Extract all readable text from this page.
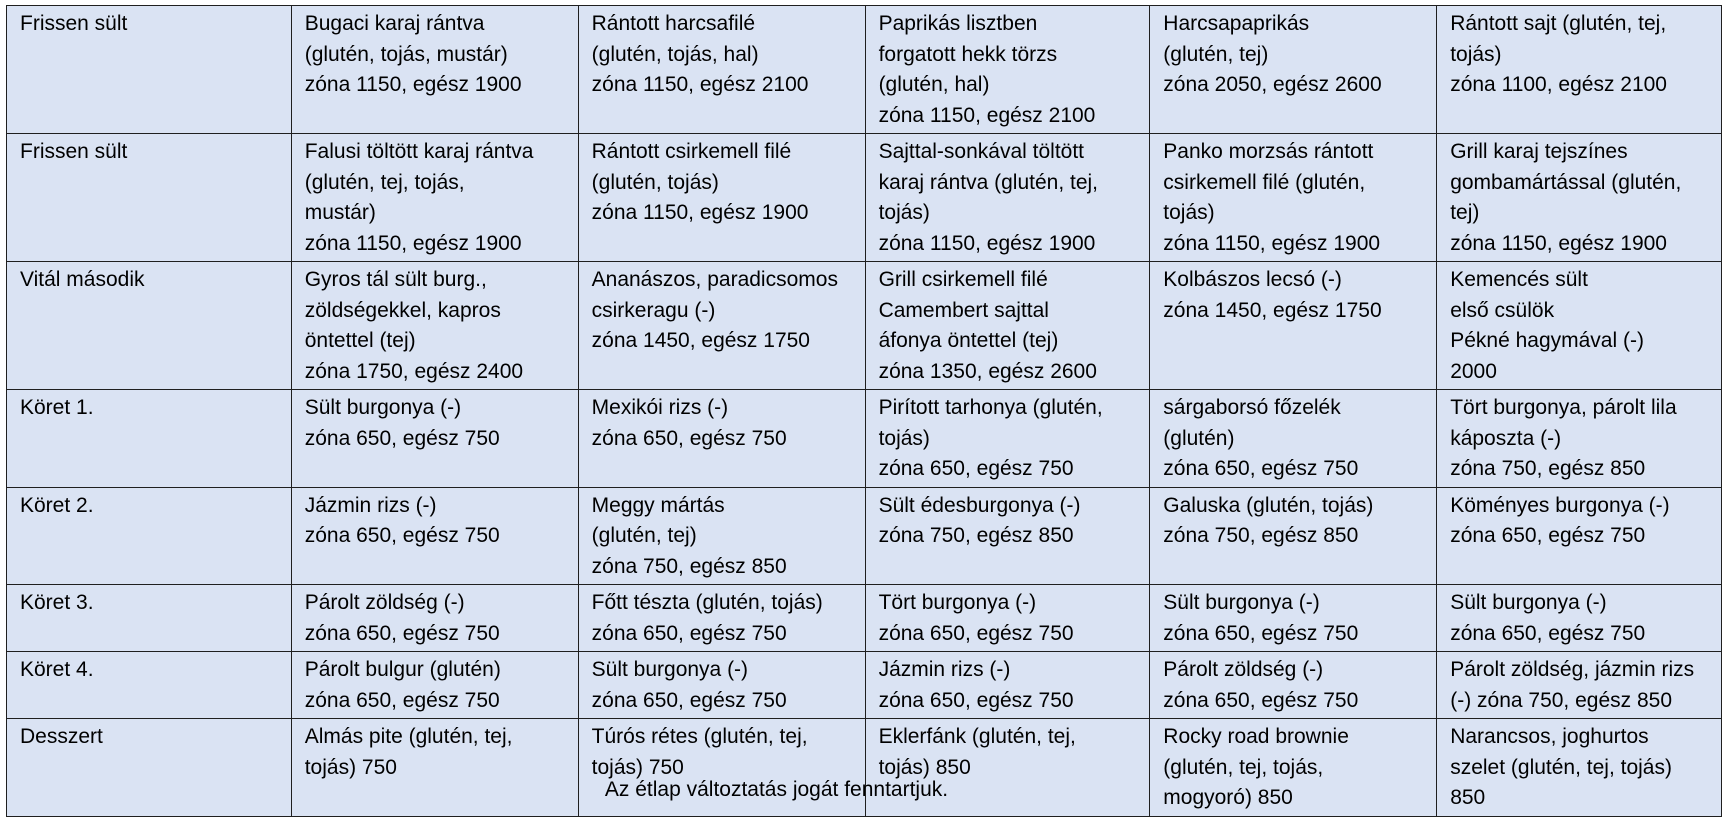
Frissen sült	Bugaci karaj rántva
(glutén, tojás, mustár)
zóna 1150, egész 1900	Rántott harcsafilé
(glutén, tojás, hal)
zóna 1150, egész 2100	Paprikás lisztben
forgatott hekk törzs
(glutén, hal)
zóna 1150, egész 2100	Harcsapaprikás
(glutén, tej)
zóna 2050, egész 2600	Rántott sajt (glutén, tej,
tojás)
zóna 1100, egész 2100

Frissen sült	Falusi töltött karaj rántva
(glutén, tej, tojás,
mustár)
zóna 1150, egész 1900	Rántott csirkemell filé
(glutén, tojás)
zóna 1150, egész 1900	Sajttal-sonkával töltött
karaj rántva (glutén, tej,
tojás)
zóna 1150, egész 1900	Panko morzsás rántott
csirkemell filé (glutén,
tojás)
zóna 1150, egész 1900	Grill karaj tejszínes
gombamártással (glutén,
tej)
zóna 1150, egész 1900

Vitál második	Gyros tál sült burg.,
zöldségekkel, kapros
öntettel (tej)
zóna 1750, egész 2400	Ananászos, paradicsomos
csirkeragu (-)
zóna 1450, egész 1750	Grill csirkemell filé
Camembert sajttal
áfonya öntettel (tej)
zóna 1350, egész 2600	Kolbászos lecsó (-)
zóna 1450, egész 1750	Kemencés sült
első csülök
Pékné hagymával (-)
2000

Köret 1.	Sült burgonya (-)
zóna 650, egész 750	Mexikói rizs (-)
zóna 650, egész 750	Pirított tarhonya (glutén,
tojás)
zóna 650, egész 750	sárgaborsó főzelék
(glutén)
zóna 650, egész 750	Tört burgonya, párolt lila
káposzta (-)
zóna 750, egész 850

Köret 2.	Jázmin rizs (-)
zóna 650, egész 750	Meggy mártás
(glutén, tej)
zóna 750, egész 850	Sült édesburgonya (-)
zóna 750, egész 850	Galuska (glutén, tojás)
zóna 750, egész 850	Köményes burgonya (-)
zóna 650, egész 750

Köret 3.	Párolt zöldség (-)
zóna 650, egész 750	Főtt tészta (glutén, tojás)
zóna 650, egész 750	Tört burgonya (-)
zóna 650, egész 750	Sült burgonya (-)
zóna 650, egész 750	Sült burgonya (-)
zóna 650, egész 750

Köret 4.	Párolt bulgur (glutén)
zóna 650, egész 750	Sült burgonya (-)
zóna 650, egész 750	Jázmin rizs (-)
zóna 650, egész 750	Párolt zöldség (-)
zóna 650, egész 750	Párolt zöldség, jázmin rizs
(-) zóna 750, egész 850

Desszert	Almás pite (glutén, tej,
tojás) 750	Túrós rétes (glutén, tej,
tojás) 750	Eklerfánk (glutén, tej,
tojás) 850	Rocky road brownie
(glutén, tej, tojás,
mogyoró) 850	Narancsos, joghurtos
szelet (glutén, tej, tojás)
850
Az étlap változtatás jogát fenntartjuk.
